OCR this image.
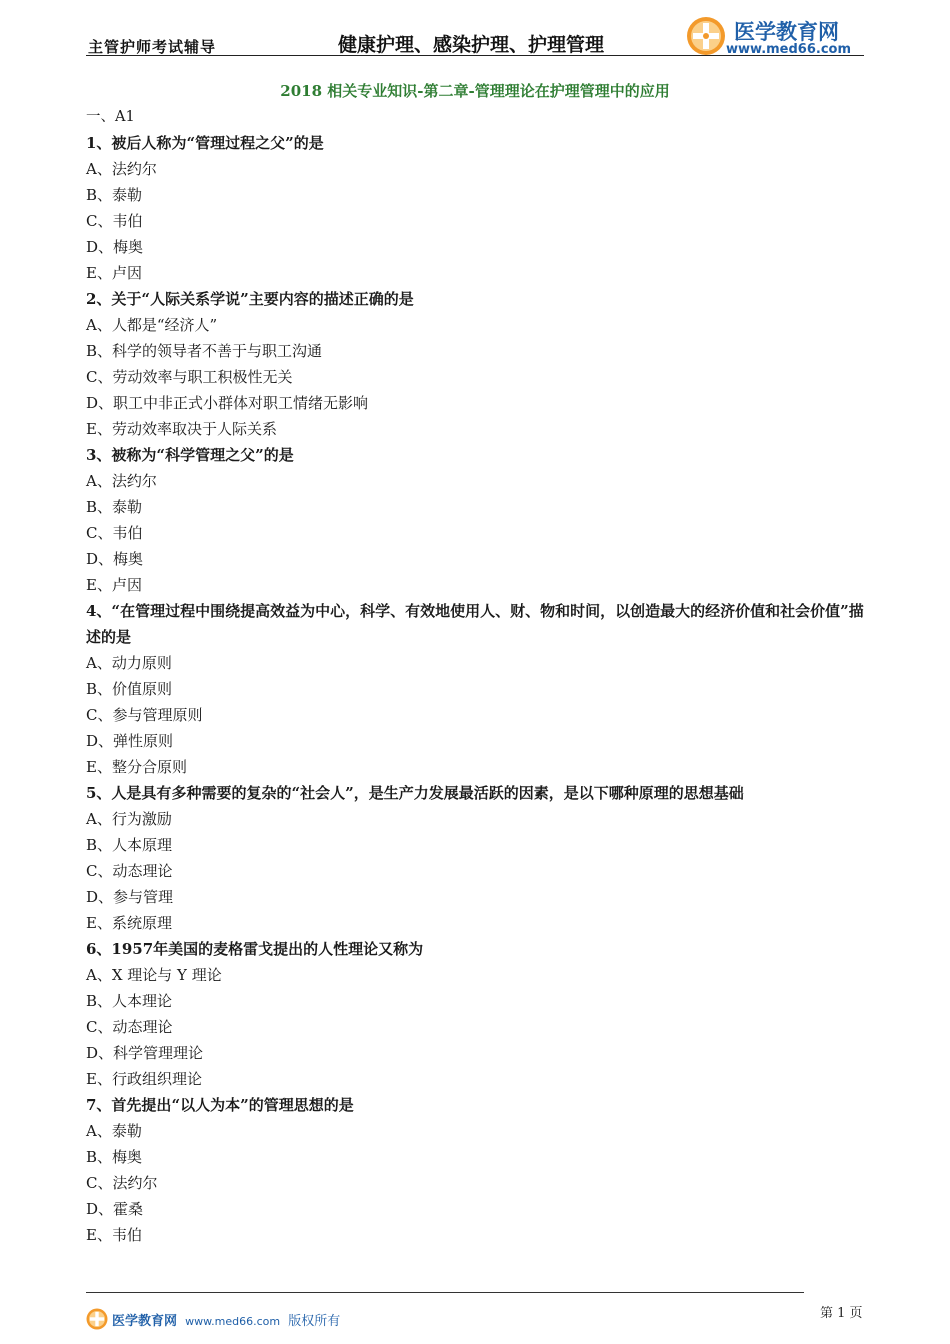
主管护师考试辅导	健康护理、感染护理、护理管理
医学教育网
www.med66.com
2018 相关专业知识-第二章-管理理论在护理管理中的应用
一、A1
1、被后人称为“管理过程之父”的是
A、法约尔
B、泰勒
C、韦伯
D、梅奥
E、卢因
2、关于“人际关系学说”主要内容的描述正确的是
A、人都是“经济人”
B、科学的领导者不善于与职工沟通
C、劳动效率与职工积极性无关
D、职工中非正式小群体对职工情绪无影响
E、劳动效率取决于人际关系
3、被称为“科学管理之父”的是
A、法约尔
B、泰勒
C、韦伯
D、梅奥
E、卢因
4、“在管理过程中围绕提高效益为中心，科学、有效地使用人、财、物和时间，以创造最大的经济价值和社会价值”描述的是
A、动力原则
B、价值原则
C、参与管理原则
D、弹性原则
E、整分合原则
5、人是具有多种需要的复杂的“社会人”，是生产力发展最活跃的因素，是以下哪种原理的思想基础
A、行为激励
B、人本原理
C、动态理论
D、参与管理
E、系统原理
6、1957年美国的麦格雷戈提出的人性理论又称为
A、X 理论与 Y 理论
B、人本理论
C、动态理论
D、科学管理理论
E、行政组织理论
7、首先提出“以人为本”的管理思想的是
A、泰勒
B、梅奥
C、法约尔
D、霍桑
E、韦伯
医学教育网 www.med66.com 版权所有
第 1 页
